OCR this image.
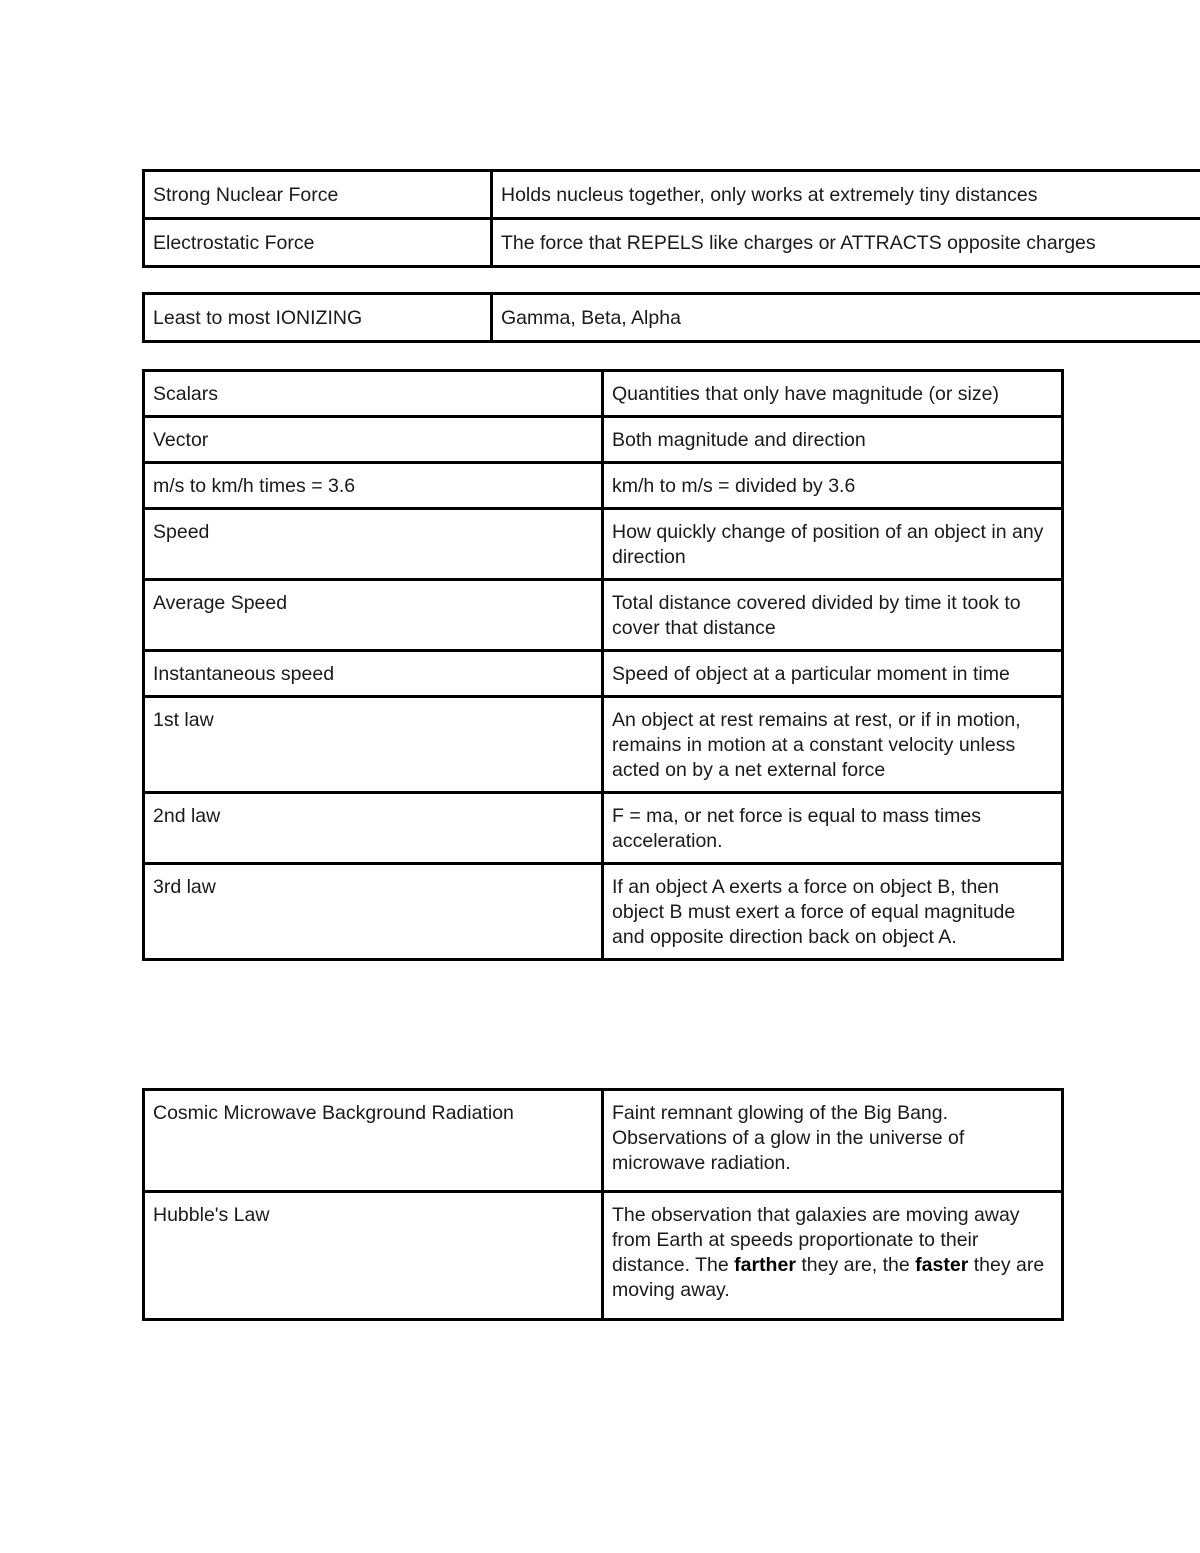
Strong Nuclear Force	Holds nucleus together, only works at extremely tiny distances
Electrostatic Force	The force that REPELS like charges or ATTRACTS opposite charges
Least to most IONIZING	Gamma, Beta, Alpha
Scalars	Quantities that only have magnitude (or size)
Vector	Both magnitude and direction
m/s to km/h times = 3.6	km/h to m/s = divided by 3.6
Speed	How quickly change of position of an object in any direction
Average Speed	Total distance covered divided by time it took to cover that distance
Instantaneous speed	Speed of object at a particular moment in time
1st law	An object at rest remains at rest, or if in motion, remains in motion at a constant velocity unless acted on by a net external force
2nd law	F = ma, or net force is equal to mass times acceleration.
3rd law	If an object A exerts a force on object B, then object B must exert a force of equal magnitude and opposite direction back on object A.
Cosmic Microwave Background Radiation	Faint remnant glowing of the Big Bang. Observations of a glow in the universe of microwave radiation.
Hubble's Law	The observation that galaxies are moving away from Earth at speeds proportionate to their distance. The farther they are, the faster they are moving away.
